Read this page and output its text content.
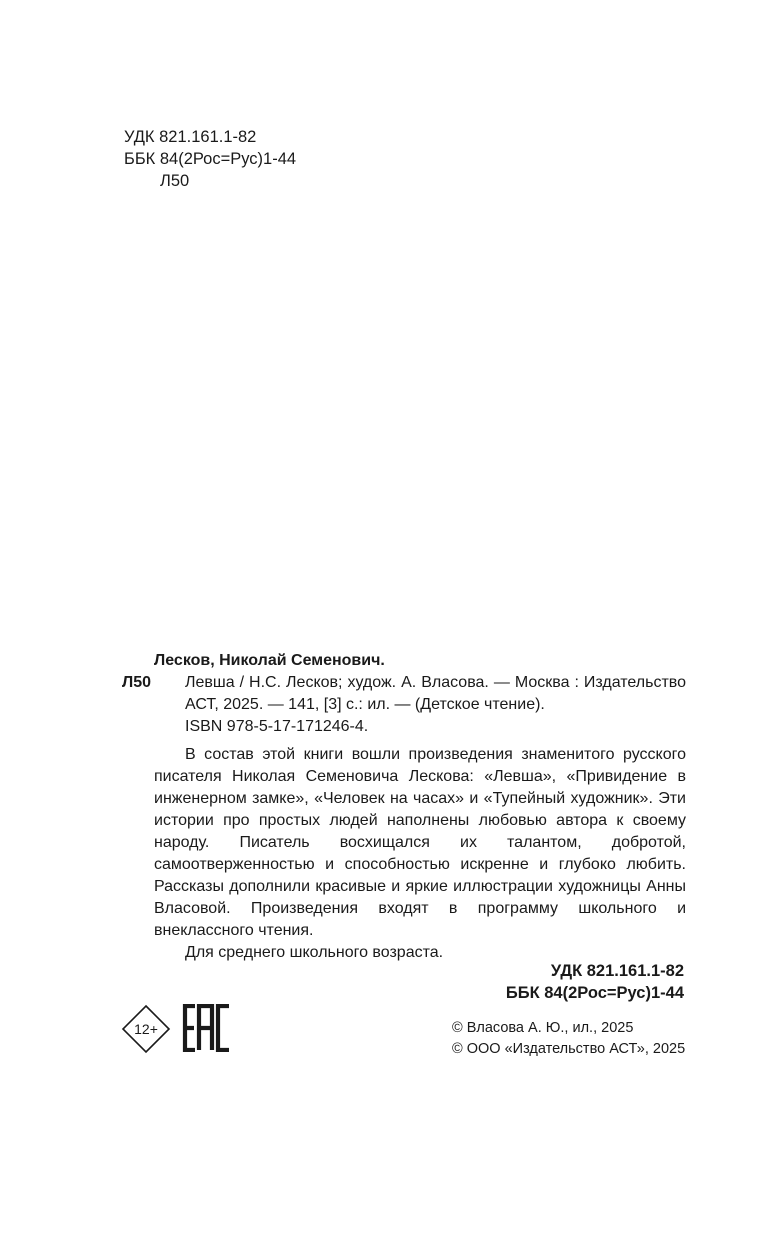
УДК 821.161.1-82
ББК 84(2Рос=Рус)1-44
Л50
Лесков, Николай Семенович.
Л50 Левша / Н.С. Лесков; худож. А. Власова. — Москва : Издательство АСТ, 2025. — 141, [3] с.: ил. — (Детское чтение).
ISBN 978-5-17-171246-4.
В состав этой книги вошли произведения знаменитого русского писателя Николая Семеновича Лескова: «Левша», «Привидение в инженерном замке», «Человек на часах» и «Тупейный художник». Эти истории про простых людей наполнены любовью автора к своему народу. Писатель восхищался их талантом, добротой, самоотверженностью и способностью искренне и глубоко любить. Рассказы дополнили красивые и яркие иллюстрации художницы Анны Власовой. Произведения входят в программу школьного и внеклассного чтения.
Для среднего школьного возраста.
УДК 821.161.1-82
ББК 84(2Рос=Рус)1-44
12+	© Власова А. Ю., ил., 2025
© ООО «Издательство АСТ», 2025
